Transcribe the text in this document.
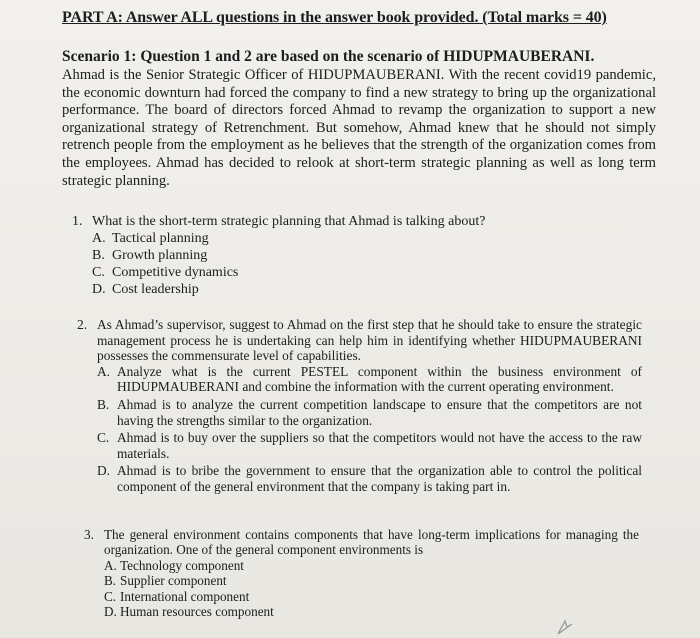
PART A: Answer ALL questions in the answer book provided. (Total marks = 40)
Scenario 1: Question 1 and 2 are based on the scenario of HIDUPMAUBERANI.
Ahmad is the Senior Strategic Officer of HIDUPMAUBERANI. With the recent covid19 pandemic, the economic downturn had forced the company to find a new strategy to bring up the organizational performance. The board of directors forced Ahmad to revamp the organization to support a new organizational strategy of Retrenchment. But somehow, Ahmad knew that he should not simply retrench people from the employment as he believes that the strength of the organization comes from the employees. Ahmad has decided to relook at short-term strategic planning as well as long term strategic planning.
1. What is the short-term strategic planning that Ahmad is talking about?
A. Tactical planning
B. Growth planning
C. Competitive dynamics
D. Cost leadership
2. As Ahmad’s supervisor, suggest to Ahmad on the first step that he should take to ensure the strategic management process he is undertaking can help him in identifying whether HIDUPMAUBERANI possesses the commensurate level of capabilities.
A. Analyze what is the current PESTEL component within the business environment of HIDUPMAUBERANI and combine the information with the current operating environment.
B. Ahmad is to analyze the current competition landscape to ensure that the competitors are not having the strengths similar to the organization.
C. Ahmad is to buy over the suppliers so that the competitors would not have the access to the raw materials.
D. Ahmad is to bribe the government to ensure that the organization able to control the political component of the general environment that the company is taking part in.
3. The general environment contains components that have long-term implications for managing the organization. One of the general component environments is
A. Technology component
B. Supplier component
C. International component
D. Human resources component
